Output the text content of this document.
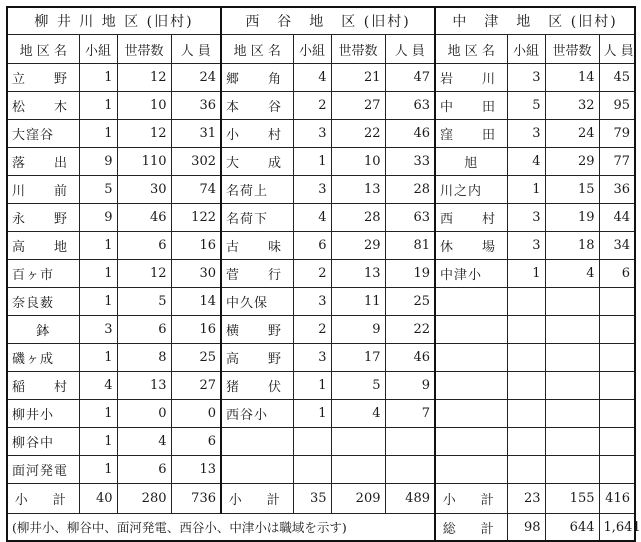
柳 井 川 地 区 (旧村)				西　谷　地　区 (旧村)				中　津　地　区 (旧村)			
地 区 名	小組	世帯数	人 員	地 区 名	小組	世帯数	人 員	地 区 名	小組	世帯数	人 員
立　　野	1	12	24	郷　　角	4	21	47	岩　　川	3	14	45
松　　木	1	10	36	本　　谷	2	27	63	中　　田	5	32	95
大窪谷	1	12	31	小　　村	3	22	46	窪　　田	3	24	79
落　　出	9	110	302	大　　成	1	10	33	旭	4	29	77
川　　前	5	30	74	名荷上	3	13	28	川之内	1	15	36
永　　野	9	46	122	名荷下	4	28	63	西　　村	3	19	44
高　　地	1	6	16	古　　味	6	29	81	休　　場	3	18	34
百ヶ市	1	12	30	菅　　行	2	13	19	中津小	1	4	6
奈良薮	1	5	14	中久保	3	11	25				
鉢	3	6	16	横　　野	2	9	22				
磯ヶ成	1	8	25	高　　野	3	17	46				
稲　　村	4	13	27	猪　　伏	1	5	9				
柳井小	1	0	0	西谷小	1	4	7				
柳谷中	1	4	6								
面河発電	1	6	13								
小　計	40	280	736	小　計	35	209	489	小　計	23	155	416
(柳井小、柳谷中、面河発電、西谷小、中津小は職域を示す)								総　計	98	644	1,641
